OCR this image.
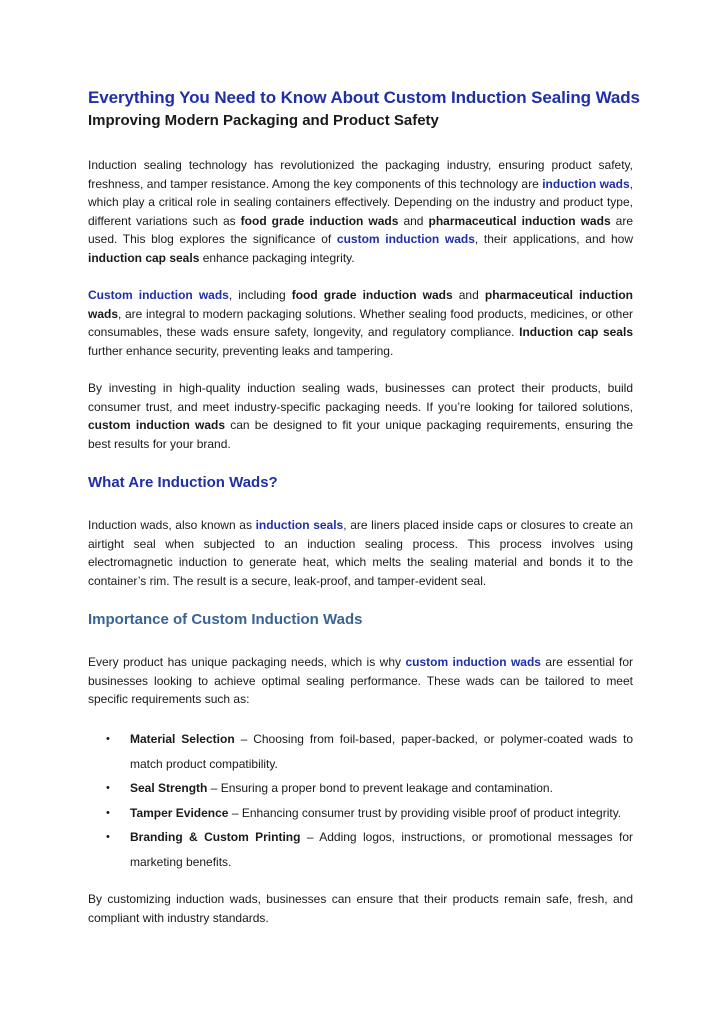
Everything You Need to Know About Custom Induction Sealing Wads
Improving Modern Packaging and Product Safety

Induction sealing technology has revolutionized the packaging industry, ensuring product safety, freshness, and tamper resistance. Among the key components of this technology are induction wads, which play a critical role in sealing containers effectively. Depending on the industry and product type, different variations such as food grade induction wads and pharmaceutical induction wads are used. This blog explores the significance of custom induction wads, their applications, and how induction cap seals enhance packaging integrity.

Custom induction wads, including food grade induction wads and pharmaceutical induction wads, are integral to modern packaging solutions. Whether sealing food products, medicines, or other consumables, these wads ensure safety, longevity, and regulatory compliance. Induction cap seals further enhance security, preventing leaks and tampering.

By investing in high-quality induction sealing wads, businesses can protect their products, build consumer trust, and meet industry-specific packaging needs. If you’re looking for tailored solutions, custom induction wads can be designed to fit your unique packaging requirements, ensuring the best results for your brand.

What Are Induction Wads?

Induction wads, also known as induction seals, are liners placed inside caps or closures to create an airtight seal when subjected to an induction sealing process. This process involves using electromagnetic induction to generate heat, which melts the sealing material and bonds it to the container’s rim. The result is a secure, leak-proof, and tamper-evident seal.

Importance of Custom Induction Wads

Every product has unique packaging needs, which is why custom induction wads are essential for businesses looking to achieve optimal sealing performance. These wads can be tailored to meet specific requirements such as:

• Material Selection – Choosing from foil-based, paper-backed, or polymer-coated wads to match product compatibility.
• Seal Strength – Ensuring a proper bond to prevent leakage and contamination.
• Tamper Evidence – Enhancing consumer trust by providing visible proof of product integrity.
• Branding & Custom Printing – Adding logos, instructions, or promotional messages for marketing benefits.

By customizing induction wads, businesses can ensure that their products remain safe, fresh, and compliant with industry standards.
